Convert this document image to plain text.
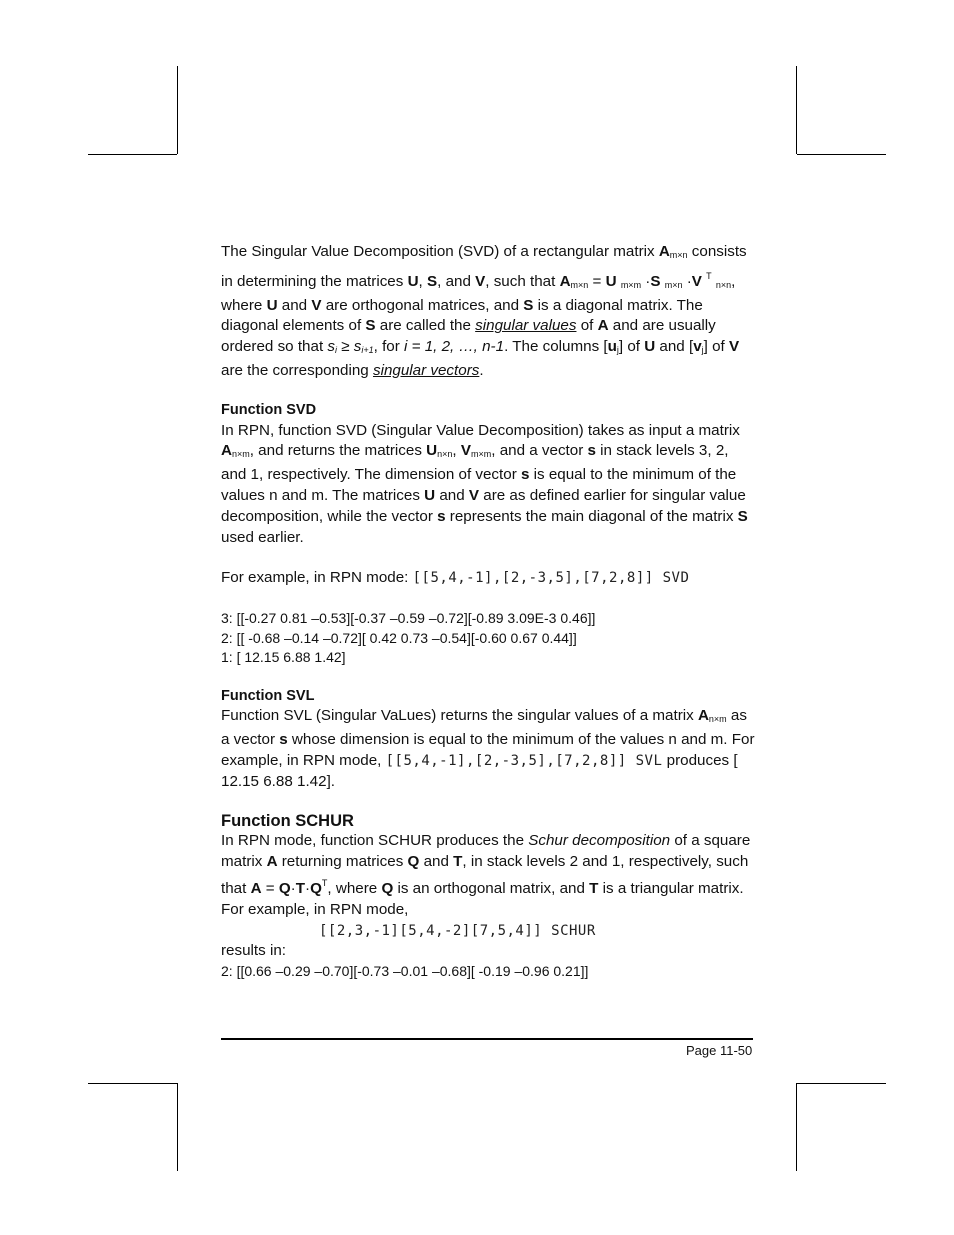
The Singular Value Decomposition (SVD) of a rectangular matrix $A_{m\times n}$ consists in determining the matrices U, S, and V, such that $A_{m\times n} = U$ $_{m\times m}$ ·S $_{m\times n}$ ·V $^T$ $_{n\times n}$, where U and V are orthogonal matrices, and S is a diagonal matrix. The diagonal elements of S are called the singular values of A and are usually ordered so that $s_i \ge s_{i+1}$, for i = 1, 2, …, n-1. The columns $[u_j]$ of U and $[v_j]$ of V are the corresponding singular vectors.

Function SVD

In RPN, function SVD (Singular Value Decomposition) takes as input a matrix $A_{n\times m}$, and returns the matrices $U_{n\times n}$, $V_{m\times m}$, and a vector s in stack levels 3, 2, and 1, respectively. The dimension of vector s is equal to the minimum of the values n and m. The matrices U and V are as defined earlier for singular value decomposition, while the vector s represents the main diagonal of the matrix S used earlier.

For example, in RPN mode: [[5,4,-1],[2,-3,5],[7,2,8]] SVD

3: [[-0.27 0.81 –0.53][-0.37 –0.59 –0.72][-0.89 3.09E-3 0.46]]

2: [[ -0.68 –0.14 –0.72][ 0.42 0.73 –0.54][-0.60 0.67 0.44]]

1: [ 12.15 6.88 1.42]

Function SVL

Function SVL (Singular VaLues) returns the singular values of a matrix $A_{n\times m}$ as a vector s whose dimension is equal to the minimum of the values n and m. For example, in RPN mode, [[5,4,-1],[2,-3,5],[7,2,8]] SVL produces [ 12.15 6.88 1.42].

Function SCHUR

In RPN mode, function SCHUR produces the Schur decomposition of a square matrix A returning matrices Q and T, in stack levels 2 and 1, respectively, such that $A = Q\cdot T\cdot Q^T$, where Q is an orthogonal matrix, and T is a triangular matrix. For example, in RPN mode,

[[2,3,-1][5,4,-2][7,5,4]] SCHUR

results in:

2: [[0.66 –0.29 –0.70][-0.73 –0.01 –0.68][ -0.19 –0.96 0.21]]

Page 11-50
